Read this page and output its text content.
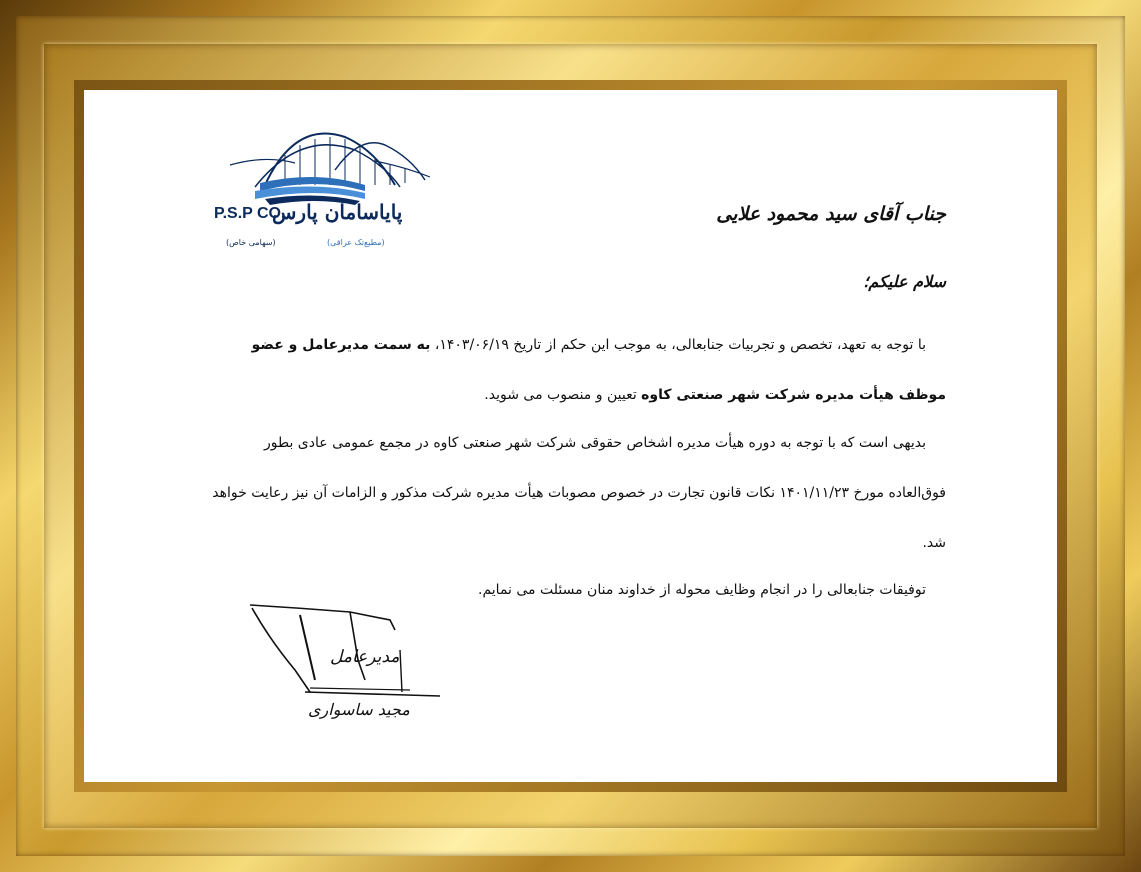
پایاسامان پارس
P.S.P CO.
(مطیع‌تک عراقی)
(سهامی خاص)
جناب آقای سید محمود علایی
سلام علیکم؛
با توجه به تعهد، تخصص و تجربیات جنابعالی، به موجب این حکم از تاریخ ۱۴۰۳/۰۶/۱۹، به سمت مدیرعامل و عضو موظف هیأت مدیره شرکت شهر صنعتی کاوه تعیین و منصوب می شوید.
بدیهی است که با توجه به دوره هیأت مدیره اشخاص حقوقی شرکت شهر صنعتی کاوه در مجمع عمومی عادی بطور فوق‌العاده مورخ ۱۴۰۱/۱۱/۲۳ نکات قانون تجارت در خصوص مصوبات هیأت مدیره شرکت مذکور و الزامات آن نیز رعایت خواهد شد.
توفیقات جنابعالی را در انجام وظایف محوله از خداوند منان مسئلت می نمایم.
مدیرعامل
مجید ساسواری
